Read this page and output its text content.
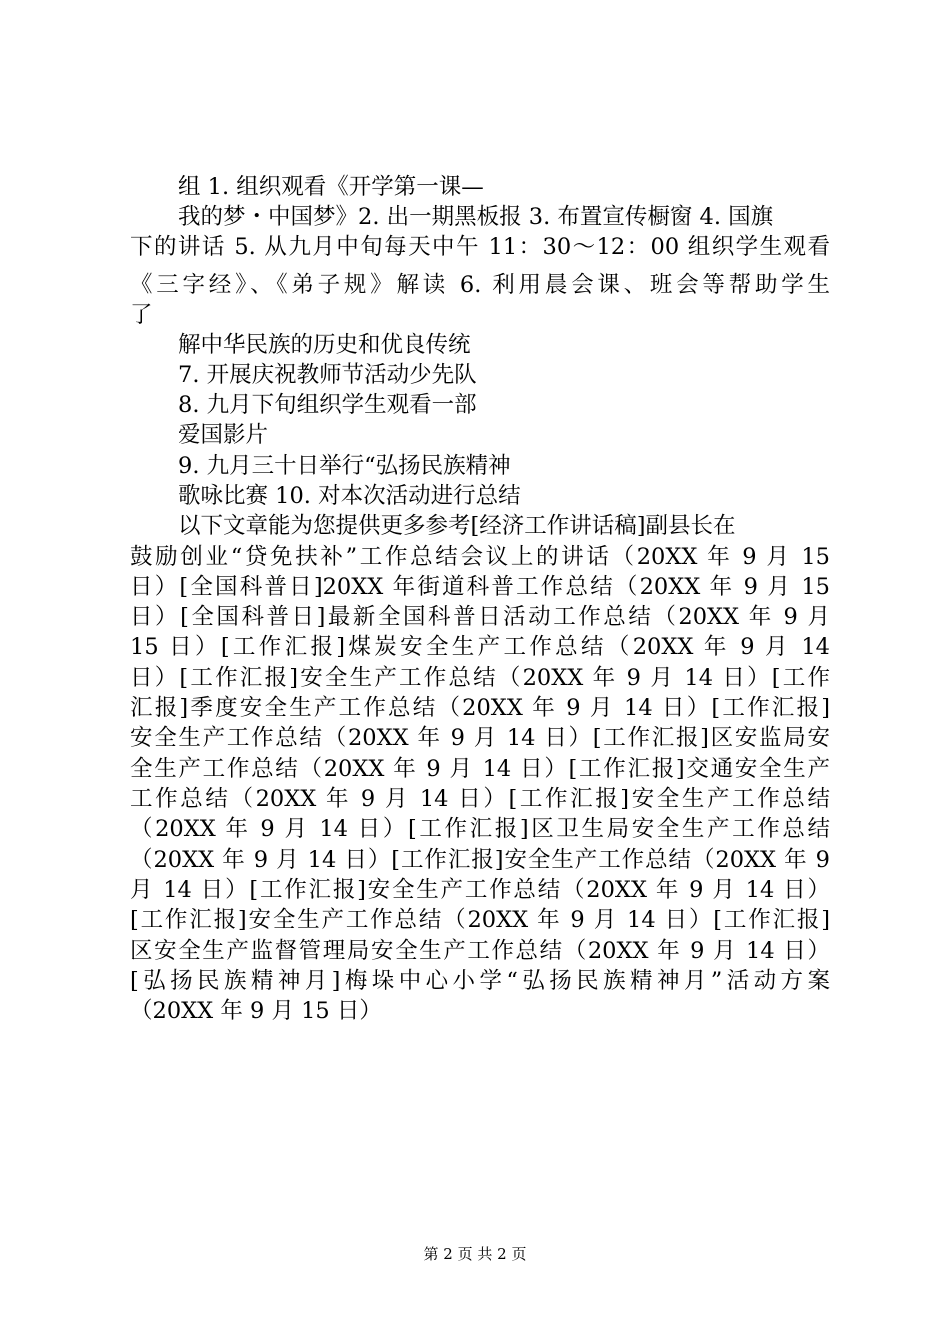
组 1. 组织观看《开学第一课—
我的梦・中国梦》2. 出一期黑板报 3. 布置宣传橱窗 4. 国旗
下的讲话 5. 从九月中旬每天中午 11：30～12：00 组织学生观看
《三字经》、《弟子规》解读 6. 利用晨会课、班会等帮助学生
了
解中华民族的历史和优良传统
7. 开展庆祝教师节活动少先队
8. 九月下旬组织学生观看一部
爱国影片
9. 九月三十日举行“弘扬民族精神
歌咏比赛 10. 对本次活动进行总结
以下文章能为您提供更多参考[经济工作讲话稿]副县长在
鼓励创业“贷免扶补”工作总结会议上的讲话（20XX 年 9 月 15
日）[全国科普日]20XX 年街道科普工作总结（20XX 年 9 月 15
日）[全国科普日]最新全国科普日活动工作总结（20XX 年 9 月
15 日）[工作汇报]煤炭安全生产工作总结（20XX 年 9 月 14
日）[工作汇报]安全生产工作总结（20XX 年 9 月 14 日）[工作
汇报]季度安全生产工作总结（20XX 年 9 月 14 日）[工作汇报]
安全生产工作总结（20XX 年 9 月 14 日）[工作汇报]区安监局安
全生产工作总结（20XX 年 9 月 14 日）[工作汇报]交通安全生产
工作总结（20XX 年 9 月 14 日）[工作汇报]安全生产工作总结
（20XX 年 9 月 14 日）[工作汇报]区卫生局安全生产工作总结
（20XX 年 9 月 14 日）[工作汇报]安全生产工作总结（20XX 年 9
月 14 日）[工作汇报]安全生产工作总结（20XX 年 9 月 14 日）
[工作汇报]安全生产工作总结（20XX 年 9 月 14 日）[工作汇报]
区安全生产监督管理局安全生产工作总结（20XX 年 9 月 14 日）
[弘扬民族精神月]梅垛中心小学“弘扬民族精神月”活动方案
（20XX 年 9 月 15 日）
第 2 页 共 2 页
